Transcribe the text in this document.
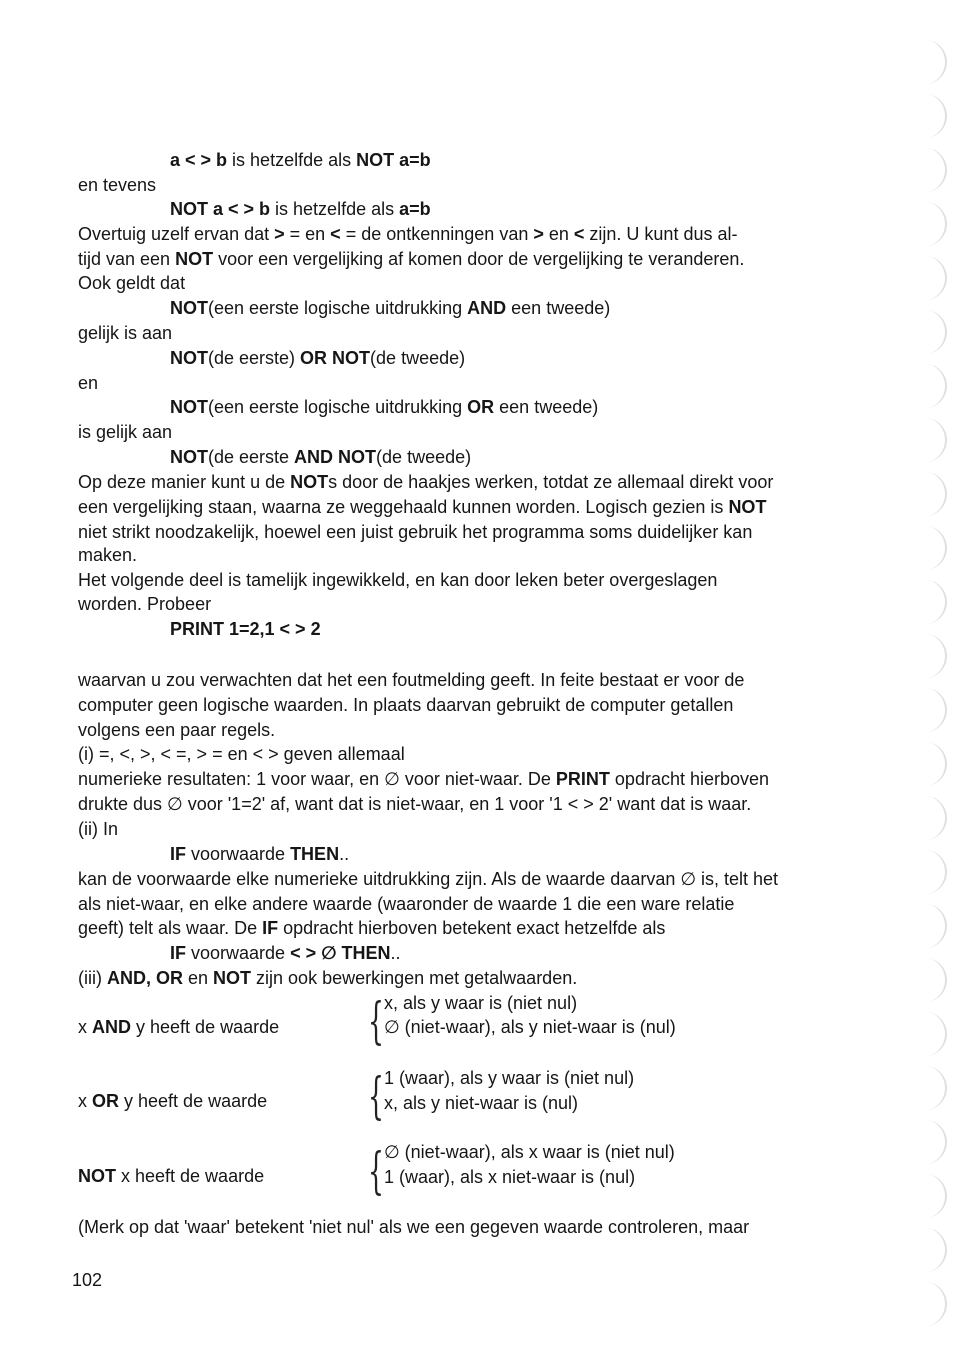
a < > b is hetzelfde als NOT a=b
en tevens
NOT a < > b is hetzelfde als a=b
Overtuig uzelf ervan dat > = en < = de ontkenningen van > en < zijn. U kunt dus al-
tijd van een NOT voor een vergelijking af komen door de vergelijking te veranderen.
Ook geldt dat
NOT(een eerste logische uitdrukking AND een tweede)
gelijk is aan
NOT(de eerste) OR NOT(de tweede)
en
NOT(een eerste logische uitdrukking OR een tweede)
is gelijk aan
NOT(de eerste AND NOT(de tweede)
Op deze manier kunt u de NOTs door de haakjes werken, totdat ze allemaal direkt voor
een vergelijking staan, waarna ze weggehaald kunnen worden. Logisch gezien is NOT
niet strikt noodzakelijk, hoewel een juist gebruik het programma soms duidelijker kan
maken.
Het volgende deel is tamelijk ingewikkeld, en kan door leken beter overgeslagen
worden. Probeer
PRINT 1=2,1 < > 2
waarvan u zou verwachten dat het een foutmelding geeft. In feite bestaat er voor de
computer geen logische waarden. In plaats daarvan gebruikt de computer getallen
volgens een paar regels.
(i) =, <, >, < =, > = en < > geven allemaal
numerieke resultaten: 1 voor waar, en ∅ voor niet-waar. De PRINT opdracht hierboven
drukte dus ∅ voor '1=2' af, want dat is niet-waar, en 1 voor '1 < > 2' want dat is waar.
(ii) In
IF voorwaarde THEN..
kan de voorwaarde elke numerieke uitdrukking zijn. Als de waarde daarvan ∅ is, telt het
als niet-waar, en elke andere waarde (waaronder de waarde 1 die een ware relatie
geeft) telt als waar. De IF opdracht hierboven betekent exact hetzelfde als
IF voorwaarde < > ∅ THEN..
(iii) AND, OR en NOT zijn ook bewerkingen met getalwaarden.
(Merk op dat 'waar' betekent 'niet nul' als we een gegeven waarde controleren, maar
x AND y heeft de waarde	{ x, als y waar is (niet nul)
∅ (niet-waar), als y niet-waar is (nul)
x OR y heeft de waarde	{ 1 (waar), als y waar is (niet nul)
x, als y niet-waar is (nul)
NOT x heeft de waarde	{ ∅ (niet-waar), als x waar is (niet nul)
1 (waar), als x niet-waar is (nul)
102
